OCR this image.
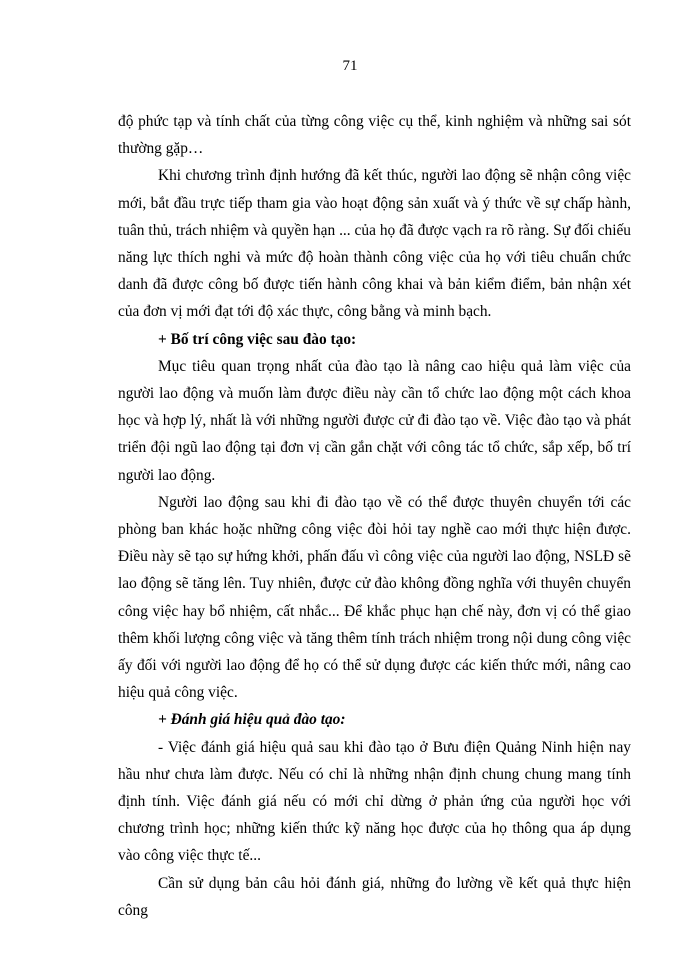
71

độ phức tạp và tính chất của từng công việc cụ thể, kinh nghiệm và những sai sót thường gặp…

Khi chương trình định hướng đã kết thúc, người lao động sẽ nhận công việc mới, bắt đầu trực tiếp tham gia vào hoạt động sản xuất và ý thức về sự chấp hành, tuân thủ, trách nhiệm và quyền hạn ... của họ đã được vạch ra rõ ràng. Sự đối chiếu năng lực thích nghi và mức độ hoàn thành công việc của họ với tiêu chuẩn chức danh đã được công bố được tiến hành công khai và bản kiểm điểm, bản nhận xét của đơn vị mới đạt tới độ xác thực, công bằng và minh bạch.

+ Bố trí công việc sau đào tạo:

Mục tiêu quan trọng nhất của đào tạo là nâng cao hiệu quả làm việc của người lao động và muốn làm được điều này cần tổ chức lao động một cách khoa học và hợp lý, nhất là với những người được cử đi đào tạo về. Việc đào tạo và phát triển đội ngũ lao động tại đơn vị cần gắn chặt với công tác tổ chức, sắp xếp, bố trí người lao động.

Người lao động sau khi đi đào tạo về có thể được thuyên chuyển tới các phòng ban khác hoặc những công việc đòi hỏi tay nghề cao mới thực hiện được. Điều này sẽ tạo sự hứng khởi, phấn đấu vì công việc của người lao động, NSLĐ sẽ lao động sẽ tăng lên. Tuy nhiên, được cử đào không đồng nghĩa với thuyên chuyển công việc hay bổ nhiệm, cất nhắc... Để khắc phục hạn chế này, đơn vị có thể giao thêm khối lượng công việc và tăng thêm tính trách nhiệm trong nội dung công việc ấy đối với người lao động để họ có thể sử dụng được các kiến thức mới, nâng cao hiệu quả công việc.

+ Đánh giá hiệu quả đào tạo:

- Việc đánh giá hiệu quả sau khi đào tạo ở Bưu điện Quảng Ninh hiện nay hầu như chưa làm được. Nếu có chỉ là những nhận định chung chung mang tính định tính. Việc đánh giá nếu có mới chỉ dừng ở phản ứng của người học với chương trình học; những kiến thức kỹ năng học được của họ thông qua áp dụng vào công việc thực tế...

Cần sử dụng bản câu hỏi đánh giá, những đo lường về kết quả thực hiện công
